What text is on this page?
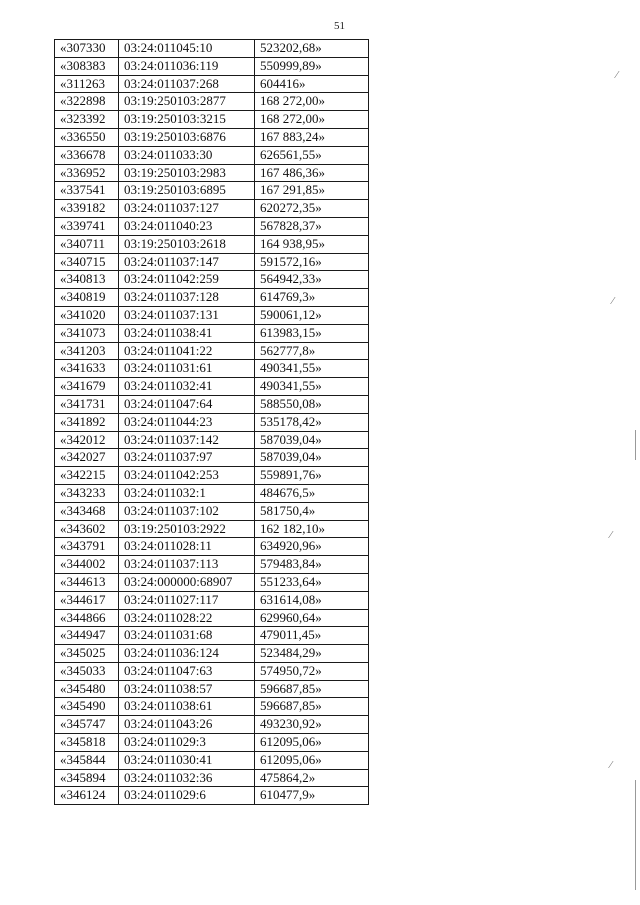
51
«307330	03:24:011045:10	523202,68»
«308383	03:24:011036:119	550999,89»
«311263	03:24:011037:268	604416»
«322898	03:19:250103:2877	168 272,00»
«323392	03:19:250103:3215	168 272,00»
«336550	03:19:250103:6876	167 883,24»
«336678	03:24:011033:30	626561,55»
«336952	03:19:250103:2983	167 486,36»
«337541	03:19:250103:6895	167 291,85»
«339182	03:24:011037:127	620272,35»
«339741	03:24:011040:23	567828,37»
«340711	03:19:250103:2618	164 938,95»
«340715	03:24:011037:147	591572,16»
«340813	03:24:011042:259	564942,33»
«340819	03:24:011037:128	614769,3»
«341020	03:24:011037:131	590061,12»
«341073	03:24:011038:41	613983,15»
«341203	03:24:011041:22	562777,8»
«341633	03:24:011031:61	490341,55»
«341679	03:24:011032:41	490341,55»
«341731	03:24:011047:64	588550,08»
«341892	03:24:011044:23	535178,42»
«342012	03:24:011037:142	587039,04»
«342027	03:24:011037:97	587039,04»
«342215	03:24:011042:253	559891,76»
«343233	03:24:011032:1	484676,5»
«343468	03:24:011037:102	581750,4»
«343602	03:19:250103:2922	162 182,10»
«343791	03:24:011028:11	634920,96»
«344002	03:24:011037:113	579483,84»
«344613	03:24:000000:68907	551233,64»
«344617	03:24:011027:117	631614,08»
«344866	03:24:011028:22	629960,64»
«344947	03:24:011031:68	479011,45»
«345025	03:24:011036:124	523484,29»
«345033	03:24:011047:63	574950,72»
«345480	03:24:011038:57	596687,85»
«345490	03:24:011038:61	596687,85»
«345747	03:24:011043:26	493230,92»
«345818	03:24:011029:3	612095,06»
«345844	03:24:011030:41	612095,06»
«345894	03:24:011032:36	475864,2»
«346124	03:24:011029:6	610477,9»
⁄
⁄
⁄
⁄
